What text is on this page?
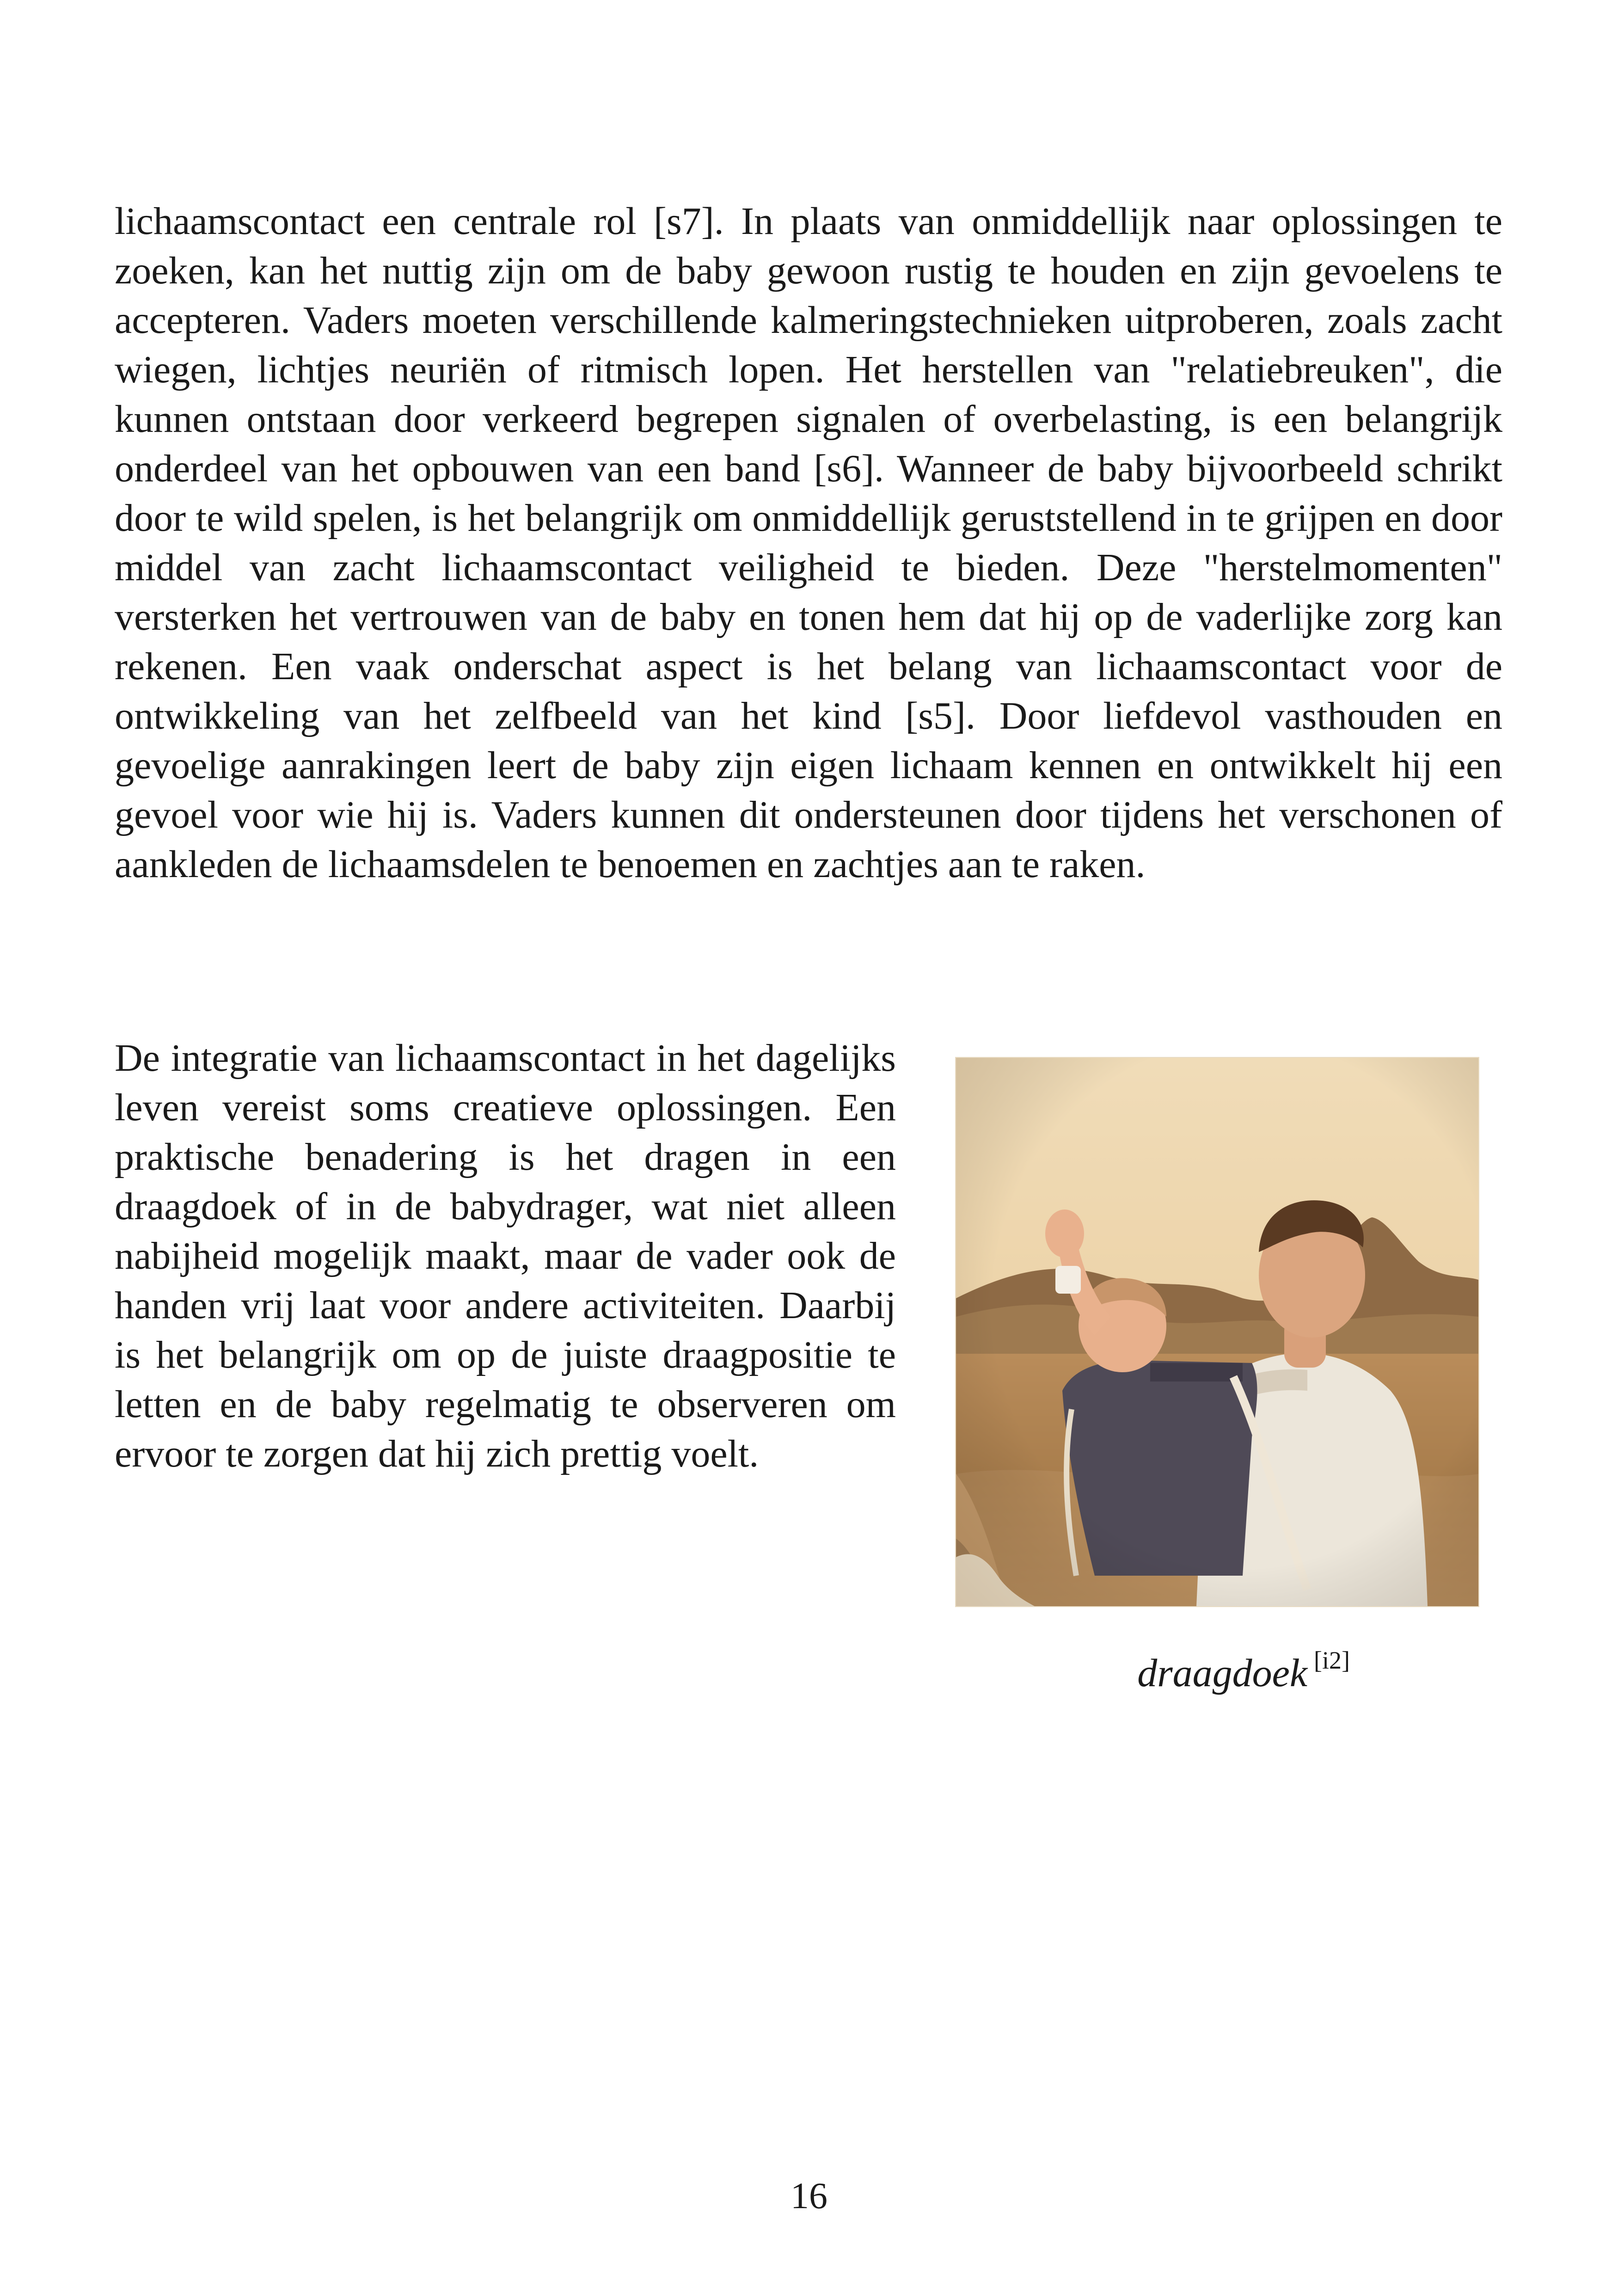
lichaamscontact een centrale rol [s7]. In plaats van onmiddellijk naar oplossingen te zoeken, kan het nuttig zijn om de baby gewoon rustig te houden en zijn gevoelens te accepteren. Vaders moeten verschillende kalmeringstechnieken uitproberen, zoals zacht wiegen, lichtjes neuriën of ritmisch lopen. Het herstellen van "relatiebreuken", die kunnen ontstaan door verkeerd begrepen signalen of overbelasting, is een belangrijk onderdeel van het opbouwen van een band [s6]. Wanneer de baby bijvoorbeeld schrikt door te wild spelen, is het belangrijk om onmiddellijk geruststellend in te grijpen en door middel van zacht lichaamscontact veiligheid te bieden. Deze "herstelmomenten" versterken het vertrouwen van de baby en tonen hem dat hij op de vaderlijke zorg kan rekenen. Een vaak onderschat aspect is het belang van lichaamscontact voor de ontwikkeling van het zelfbeeld van het kind [s5]. Door liefdevol vasthouden en gevoelige aanrakingen leert de baby zijn eigen lichaam kennen en ontwikkelt hij een gevoel voor wie hij is. Vaders kunnen dit ondersteunen door tijdens het verschonen of aankleden de lichaamsdelen te benoemen en zachtjes aan te raken.

De integratie van lichaamscontact in het dagelijks leven vereist soms creatieve oplossingen. Een praktische benadering is het dragen in een draagdoek of in de babydrager, wat niet alleen nabijheid mogelijk maakt, maar de vader ook de handen vrij laat voor andere activiteiten. Daarbij is het belangrijk om op de juiste draagpositie te letten en de baby regelmatig te observeren om ervoor te zorgen dat hij zich prettig voelt.

draagdoek [i2]

16
